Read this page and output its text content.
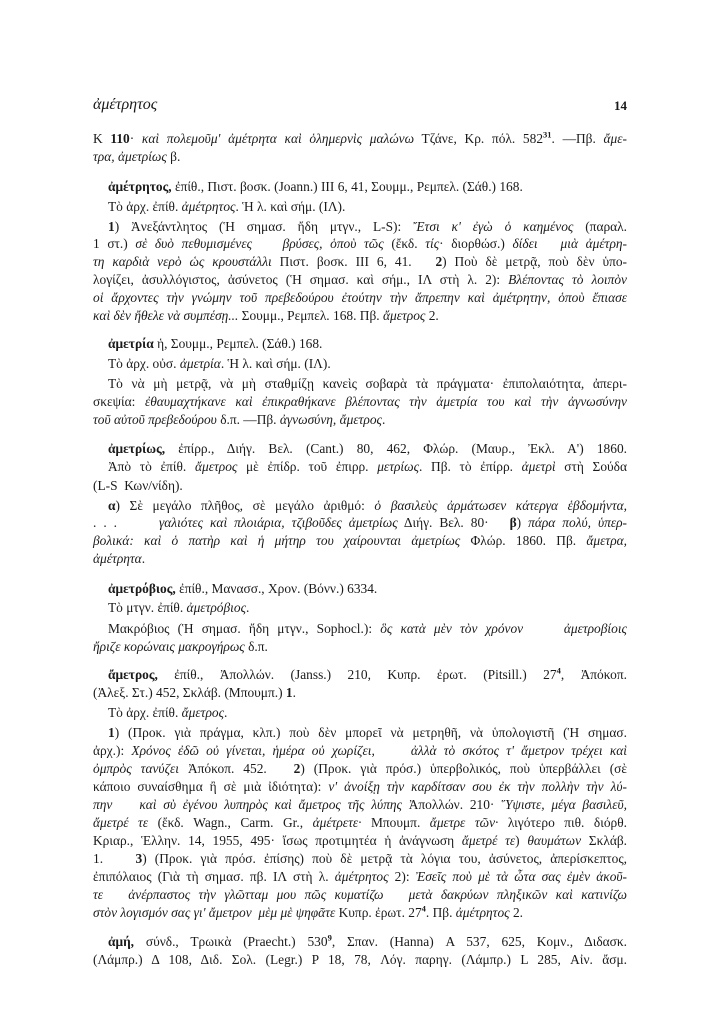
ἀμέτρητος	14
Κ 110· καὶ πολεμοῦμ' ἀμέτρητα καὶ ὁλημερνὶς μαλώνω Τζάνε, Κρ. πόλ. $582^{31}$. —Πβ. ἄμε-
τρα, ἀμετρίως β.
ἀμέτρητος, ἐπίθ., Πιστ. βοσκ. (Joann.) III 6, 41, Σουμμ., Ρεμπελ. (Σάθ.) 168.
Τὸ ἀρχ. ἐπίθ. ἀμέτρητος. Ἡ λ. καὶ σήμ. (ΙΛ).
1) Ἀνεξάντλητος (Ἡ σημασ. ἤδη μτγν., L-S): Ἔτσι κ' ἐγὼ ὁ καημένος (παραλ.
1 στ.) σὲ δυὸ πεθυμισμένες    βρύσες, ὁποὺ τῶς (ἔκδ. τίς· διορθώσ.) δίδει   μιὰ ἀμέτρη-
τη καρδιὰ νερὸ ὡς κρουστάλλι Πιστ. βοσκ. III 6, 41.   2) Ποὺ δὲ μετρᾷ, ποὺ δὲν ὑπο-
λογίζει, ἀσυλλόγιστος, ἀσύνετος (Ἡ σημασ. καὶ σήμ., ΙΛ στὴ λ. 2): Βλέποντας τὸ λοιπὸν
οἱ ἄρχοντες τὴν γνώμην τοῦ πρεβεδούρου ἐτούτην τὴν ἄπρεπην καὶ ἀμέτρητην, ὁποὺ ἔπιασε
καὶ δὲν ἤθελε νὰ συμπέσῃ... Σουμμ., Ρεμπελ. 168. Πβ. ἄμετρος 2.
ἀμετρία ἡ, Σουμμ., Ρεμπελ. (Σάθ.) 168.
Τὸ ἀρχ. οὐσ. ἀμετρία. Ἡ λ. καὶ σήμ. (ΙΛ).
Τὸ νὰ μὴ μετρᾷ, νὰ μὴ σταθμίζῃ κανεὶς σοβαρὰ τὰ πράγματα· ἐπιπολαιότητα, ἀπερι-
σκεψία: ἐθαυμαχτήκανε καὶ ἐπικραθήκανε βλέποντας τὴν ἀμετρία του καὶ τὴν ἀγνωσύνην
τοῦ αὐτοῦ πρεβεδούρου δ.π. —Πβ. ἀγνωσύνη, ἄμετρος.
ἀμετρίως, ἐπίρρ., Διήγ. Βελ. (Cant.) 80, 462, Φλώρ. (Μαυρ., Ἐκλ. Α') 1860.
Ἀπὸ τὸ ἐπίθ. ἄμετρος μὲ ἐπίδρ. τοῦ ἐπιρρ. μετρίως. Πβ. τὸ ἐπίρρ. ἀμετρὶ στὴ Σούδα
(L-S  Κων/νίδη).
α) Σὲ μεγάλο πλῆθος, σὲ μεγάλο ἀριθμό: ὁ βασιλεὺς ἀρμάτωσεν κάτεργα ἑβδομήντα,
. . .      γαλιότες καὶ πλοιάρια, τζιβοῦδες ἀμετρίως Διήγ. Βελ. 80·   β) πάρα πολύ, ὑπερ-
βολικά: καὶ ὁ πατὴρ καὶ ἡ μήτηρ του χαίρουνται ἀμετρίως Φλώρ. 1860. Πβ. ἄμετρα,
ἀμέτρητα.
ἀμετρόβιος, ἐπίθ., Μανασσ., Χρον. (Βόνν.) 6334.
Τὸ μτγν. ἐπίθ. ἀμετρόβιος.
Μακρόβιος (Ἡ σημασ. ἤδη μτγν., Sophocl.): ὃς κατὰ μὲν τὸν χρόνον     ἀμετροβίοις
ἤριζε κορώναις μακρογήρως δ.π.
ἄμετρος, ἐπίθ., Ἀπολλών. (Janss.) 210, Κυπρ. ἐρωτ. (Pitsill.) $27^4$, Ἀπόκοπ.
(Ἀλεξ. Στ.) 452, Σκλάβ. (Μπουμπ.) 1.
Τὸ ἀρχ. ἐπίθ. ἄμετρος.
1) (Προκ. γιὰ πράγμα, κλπ.) ποὺ δὲν μπορεῖ νὰ μετρηθῆ, νὰ ὑπολογιστῆ (Ἡ σημασ.
ἀρχ.): Χρόνος ἐδῶ οὐ γίνεται, ἡμέρα οὐ χωρίζει,     ἀλλὰ τὸ σκότος τ' ἄμετρον τρέχει καὶ
ὀμπρὸς τανύζει Ἀπόκοπ. 452.   2) (Προκ. γιὰ πρόσ.) ὑπερβολικός, ποὺ ὑπερβάλλει (σὲ
κάποιο συναίσθημα ἢ σὲ μιὰ ἰδιότητα): ν' ἀνοίξῃ τὴν καρδίτσαν σου ἐκ τὴν πολλὴν τὴν λύ-
πην    καὶ σὺ ἐγένου λυπηρὸς καὶ ἄμετρος τῆς λύπης Ἀπολλών. 210· Ὕψιστε, μέγα βασιλεῦ,
ἄμετρέ τε (ἔκδ. Wagn., Carm. Gr., ἀμέτρετε· Μπουμπ. ἄμετρε τῶν· λιγότερο πιθ. διόρθ.
Κριαρ., Ἑλλην. 14, 1955, 495· ἴσως προτιμητέα ἡ ἀνάγνωση ἄμετρέ τε) θαυμάτων Σκλάβ.
1.    3) (Προκ. γιὰ πρόσ. ἐπίσης) ποὺ δὲ μετρᾷ τὰ λόγια του, ἀσύνετος, ἀπερίσκεπτος,
ἐπιπόλαιος (Γιὰ τὴ σημασ. πβ. ΙΛ στὴ λ. ἀμέτρητος 2): Ἐσεῖς ποὺ μὲ τὰ ὦτα σας ἐμὲν ἀκοῦ-
τε   ἀνέρπαστος τὴν γλῶτταμ μου πῶς κυματίζω   μετὰ δακρύων πληξικῶν καὶ κατινίζω
στὸν λογισμόν σας γι' ἄμετρον  μὲμ μὲ ψηφᾶτε Κυπρ. ἐρωτ. $27^4$. Πβ. ἀμέτρητος 2.
ἀμή, σύνδ., Τρωικὰ (Praecht.) $530^9$, Σπαν. (Hanna) A 537, 625, Κομν., Διδασκ.
(Λάμπρ.) Δ 108, Διδ. Σολ. (Legr.) P 18, 78, Λόγ. παρηγ. (Λάμπρ.) L 285, Αἰν. ἄσμ.
